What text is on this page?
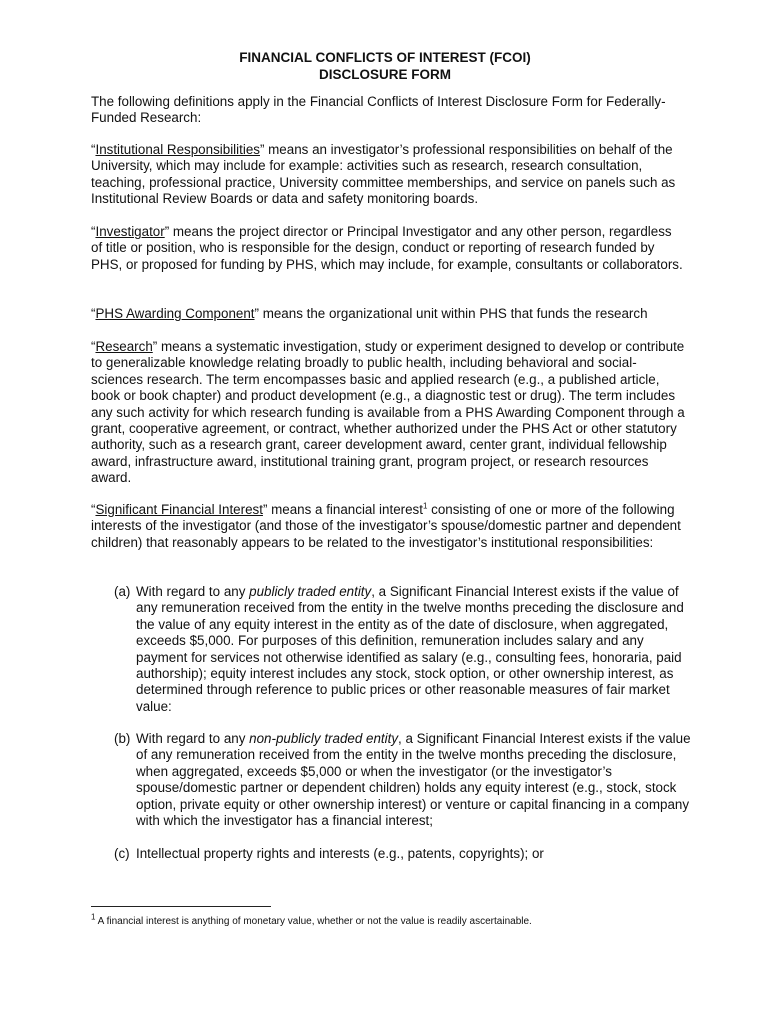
FINANCIAL CONFLICTS OF INTEREST (FCOI)
DISCLOSURE FORM

The following definitions apply in the Financial Conflicts of Interest Disclosure Form for Federally-Funded Research:

“Institutional Responsibilities” means an investigator’s professional responsibilities on behalf of the University, which may include for example: activities such as research, research consultation, teaching, professional practice, University committee memberships, and service on panels such as Institutional Review Boards or data and safety monitoring boards.

“Investigator” means the project director or Principal Investigator and any other person, regardless of title or position, who is responsible for the design, conduct or reporting of research funded by PHS, or proposed for funding by PHS, which may include, for example, consultants or collaborators.

“PHS Awarding Component” means the organizational unit within PHS that funds the research

“Research” means a systematic investigation, study or experiment designed to develop or contribute to generalizable knowledge relating broadly to public health, including behavioral and social-sciences research. The term encompasses basic and applied research (e.g., a published article, book or book chapter) and product development (e.g., a diagnostic test or drug). The term includes any such activity for which research funding is available from a PHS Awarding Component through a grant, cooperative agreement, or contract, whether authorized under the PHS Act or other statutory authority, such as a research grant, career development award, center grant, individual fellowship award, infrastructure award, institutional training grant, program project, or research resources award.

“Significant Financial Interest” means a financial interest$^1$ consisting of one or more of the following interests of the investigator (and those of the investigator’s spouse/domestic partner and dependent children) that reasonably appears to be related to the investigator’s institutional responsibilities:

(a) With regard to any publicly traded entity, a Significant Financial Interest exists if the value of any remuneration received from the entity in the twelve months preceding the disclosure and the value of any equity interest in the entity as of the date of disclosure, when aggregated, exceeds $5,000. For purposes of this definition, remuneration includes salary and any payment for services not otherwise identified as salary (e.g., consulting fees, honoraria, paid authorship); equity interest includes any stock, stock option, or other ownership interest, as determined through reference to public prices or other reasonable measures of fair market value:

(b) With regard to any non-publicly traded entity, a Significant Financial Interest exists if the value of any remuneration received from the entity in the twelve months preceding the disclosure, when aggregated, exceeds $5,000 or when the investigator (or the investigator’s spouse/domestic partner or dependent children) holds any equity interest (e.g., stock, stock option, private equity or other ownership interest) or venture or capital financing in a company with which the investigator has a financial interest;

(c) Intellectual property rights and interests (e.g., patents, copyrights); or

$^1$ A financial interest is anything of monetary value, whether or not the value is readily ascertainable.
